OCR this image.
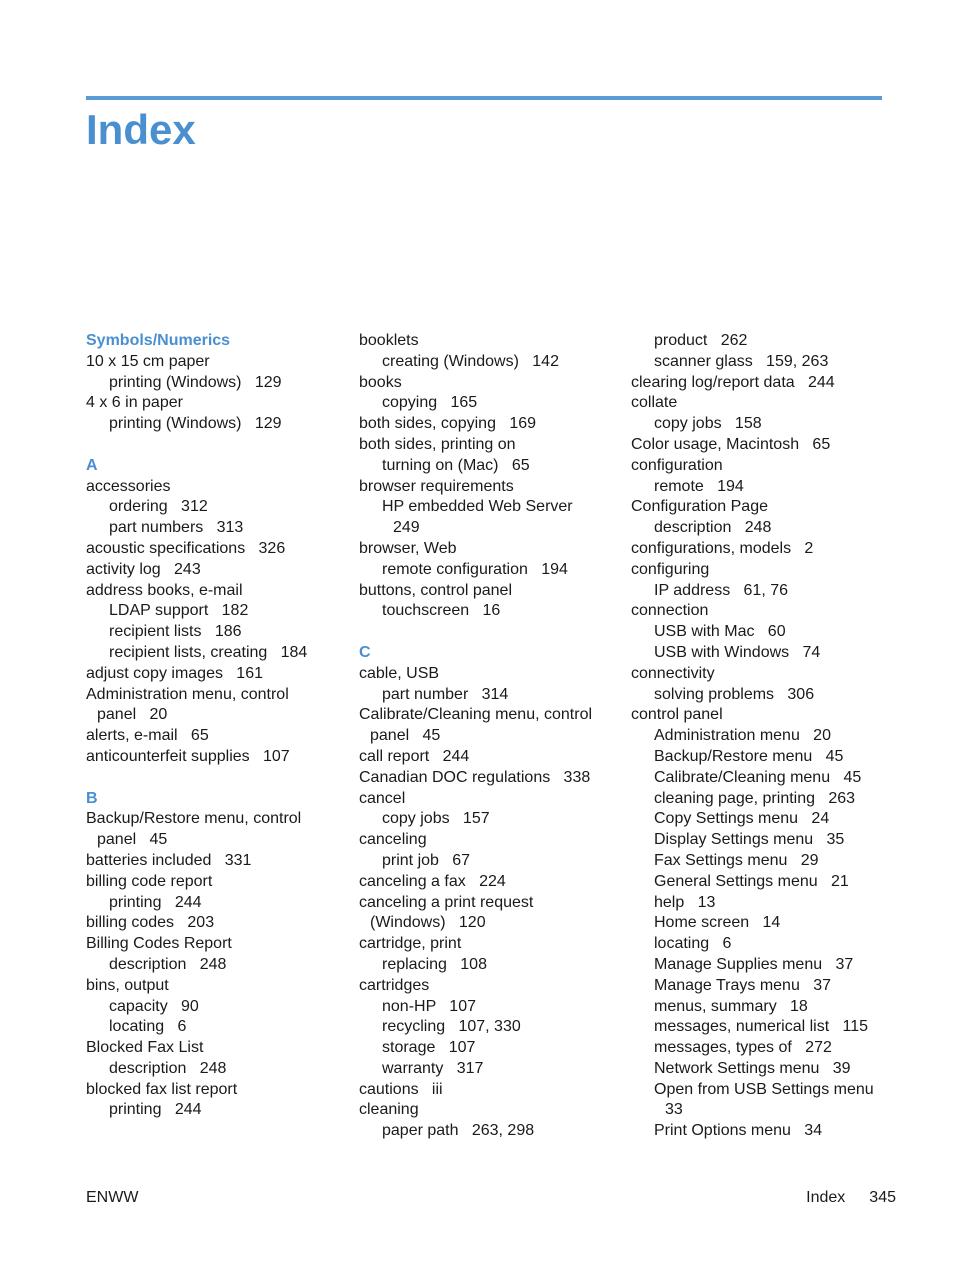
Index
Symbols/Numerics
10 x 15 cm paper
printing (Windows)   129
4 x 6 in paper
printing (Windows)   129
A
accessories
ordering   312
part numbers   313
acoustic specifications   326
activity log   243
address books, e-mail
LDAP support   182
recipient lists   186
recipient lists, creating   184
adjust copy images   161
Administration menu, control
panel   20
alerts, e-mail   65
anticounterfeit supplies   107
B
Backup/Restore menu, control
panel   45
batteries included   331
billing code report
printing   244
billing codes   203
Billing Codes Report
description   248
bins, output
capacity   90
locating   6
Blocked Fax List
description   248
blocked fax list report
printing   244
booklets
creating (Windows)   142
books
copying   165
both sides, copying   169
both sides, printing on
turning on (Mac)   65
browser requirements
HP embedded Web Server
249
browser, Web
remote configuration   194
buttons, control panel
touchscreen   16
C
cable, USB
part number   314
Calibrate/Cleaning menu, control
panel   45
call report   244
Canadian DOC regulations   338
cancel
copy jobs   157
canceling
print job   67
canceling a fax   224
canceling a print request
(Windows)   120
cartridge, print
replacing   108
cartridges
non-HP   107
recycling   107, 330
storage   107
warranty   317
cautions   iii
cleaning
paper path   263, 298
product   262
scanner glass   159, 263
clearing log/report data   244
collate
copy jobs   158
Color usage, Macintosh   65
configuration
remote   194
Configuration Page
description   248
configurations, models   2
configuring
IP address   61, 76
connection
USB with Mac   60
USB with Windows   74
connectivity
solving problems   306
control panel
Administration menu   20
Backup/Restore menu   45
Calibrate/Cleaning menu   45
cleaning page, printing   263
Copy Settings menu   24
Display Settings menu   35
Fax Settings menu   29
General Settings menu   21
help   13
Home screen   14
locating   6
Manage Supplies menu   37
Manage Trays menu   37
menus, summary   18
messages, numerical list   115
messages, types of   272
Network Settings menu   39
Open from USB Settings menu
33
Print Options menu   34
ENWW	Index 345
